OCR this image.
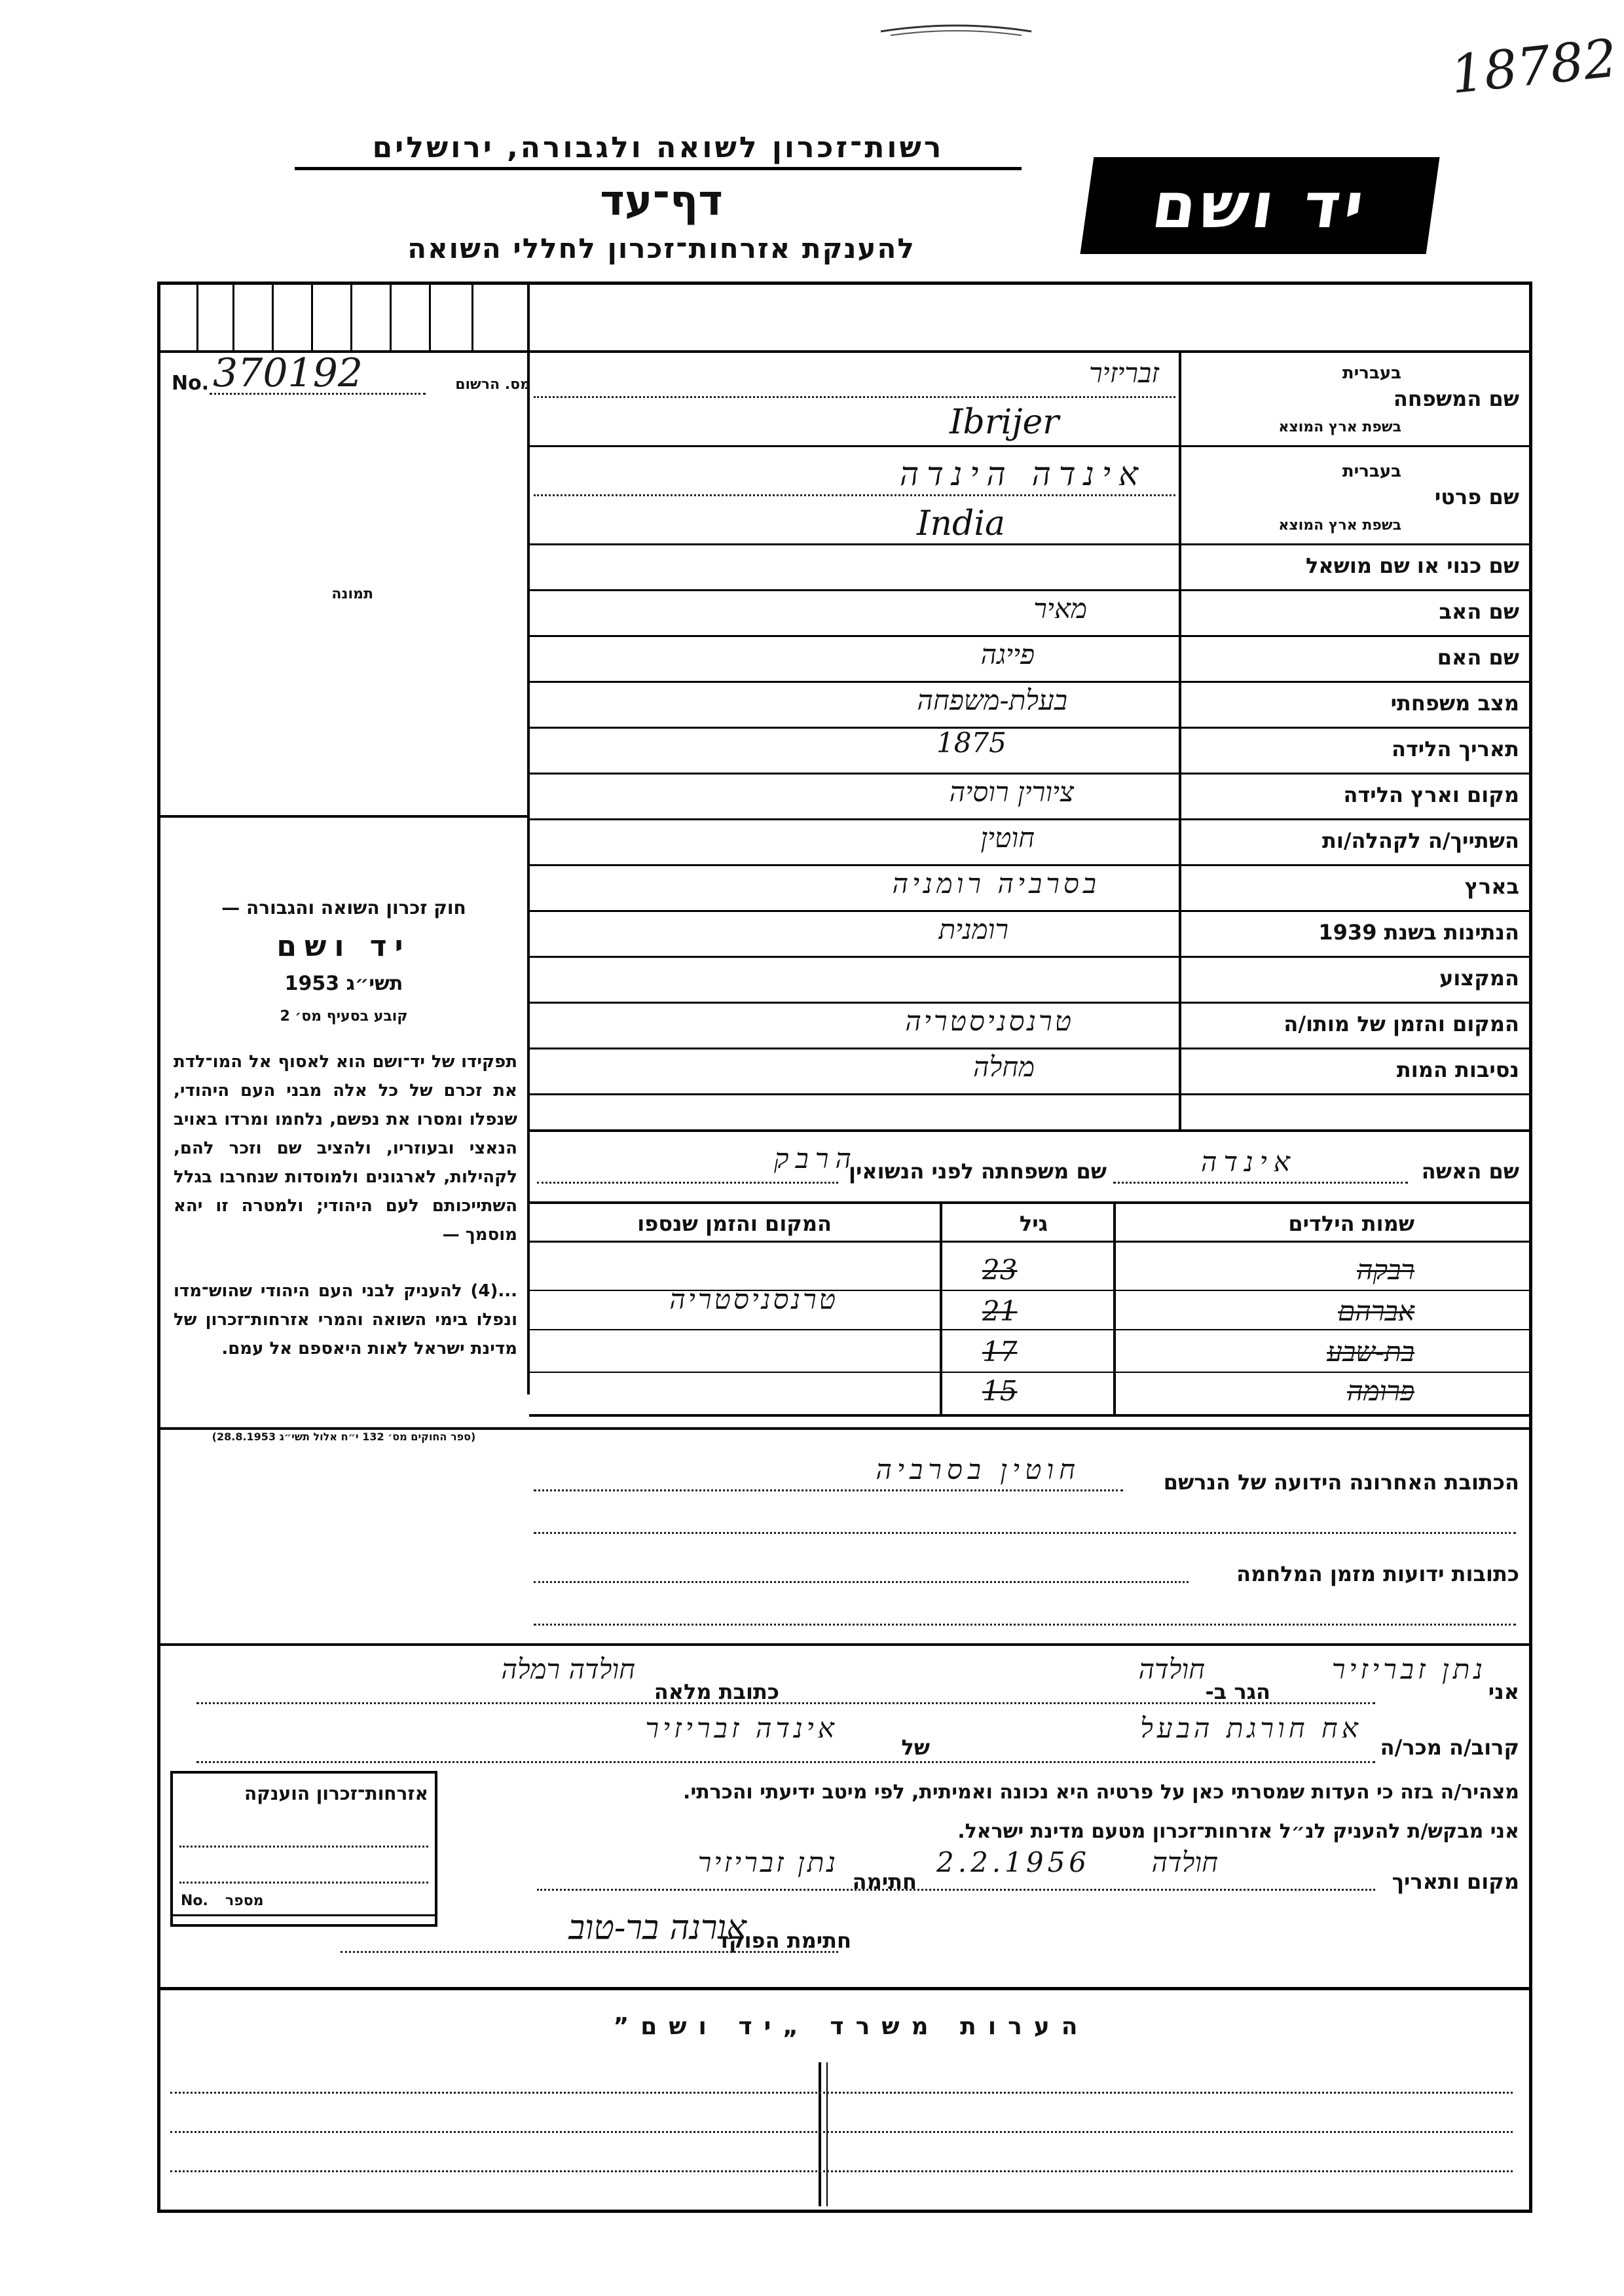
18782
רשות־זכרון לשואה ולגבורה, ירושלים
דף־עד
להענקת אזרחות־זכרון לחללי השואה
יד ושם
No. 370192	מס. הרשום
תמונה
חוק זכרון השואה והגבורה —
יד ושם
תשי״ג 1953
קובע בסעיף מס׳ 2
תפקידו של יד־ושם הוא לאסוף אל המו־לדת את זכרם של כל אלה מבני העם היהודי, שנפלו ומסרו את נפשם, נלחמו ומרדו באויב הנאצי ובעוזריו, ולהציב שם וזכר להם, לקהילות, לארגונים ולמוסדות שנחרבו בגלל השתייכותם לעם היהודי; ולמטרה זו יהא מוסמך —
...(4) להעניק לבני העם היהודי שהוש־מדו ונפלו בימי השואה והמרי אזרחות־זכרון של מדינת ישראל לאות היאספם אל עמם.
(ספר החוקים מס׳ 132 י״ח אלול תשי״ג 28.8.1953)
שם המשפחה
בעברית
בשפת ארץ המוצא
זבריזיר
Ibrijer
שם פרטי
בעברית
בשפת ארץ המוצא
אינדה הינדה
India
שם כנוי או שם מושאל
שם האב
מאיר
שם האם
פייגה
מצב משפחתי
בעלת-משפחה
תאריך הלידה
1875
מקום וארץ הלידה
ציורין רוסיה
השתייך/ה לקהלה/ות
חוטין
בארץ
בסרביה רומניה
הנתינות בשנת 1939
רומנית
המקצוע
המקום והזמן של מותו/ה
טרנסניסטריה
נסיבות המות
מחלה
שם האשה
אינדה
שם משפחתה לפני הנשואין
הרבק
שמות הילדים
גיל
המקום והזמן שנספו
רבקה
23
טרנסניסטריה	אברהם
21
בת-שבע
17
פרומה
15
הכתובת האחרונה הידועה של הנרשם
חוטין בסרביה
כתובות ידועות מזמן המלחמה
אני
נתן זבריזיר
הגר ב-
חולדה
כתובת מלאה
חולדה רמלה
קרוב/ה מכר/ה
אח חורגת הבעל
של
אינדה זבריזיר
מצהיר/ה בזה כי העדות שמסרתי כאן על פרטיה היא נכונה ואמיתית, לפי מיטב ידיעתי והכרתי.
אני מבקש/ת להעניק לנ״ל אזרחות־זכרון מטעם מדינת ישראל.
מקום ותאריך
חולדה
2.2.1956
חתימה
נתן זבריזיר
חתימת הפוקד
אורנה בר-טוב
אזרחות־זכרון הוענקה
No. מספר
הערות משרד „יד ושם”
